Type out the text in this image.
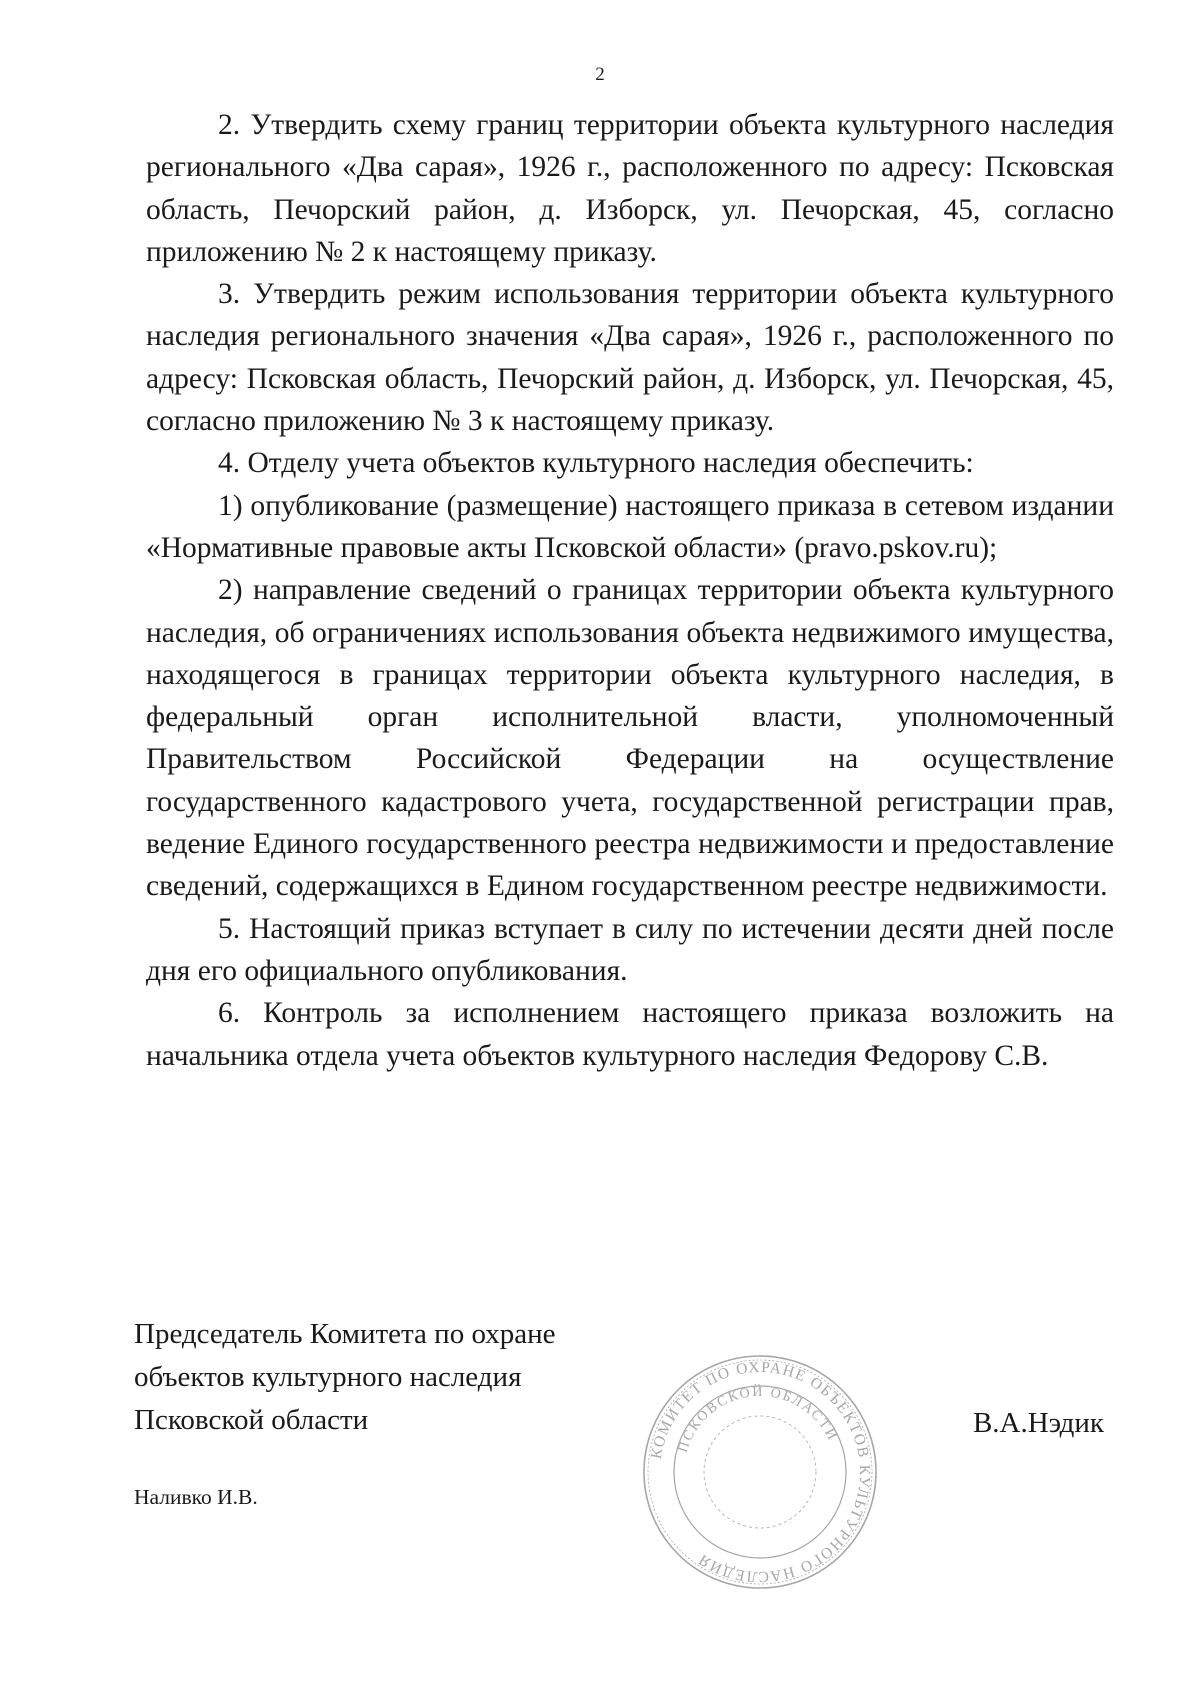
2

2. Утвердить схему границ территории объекта культурного наследия регионального «Два сарая», 1926 г., расположенного по адресу: Псковская область, Печорский район, д. Изборск, ул. Печорская, 45, согласно приложению № 2 к настоящему приказу.

3. Утвердить режим использования территории объекта культурного наследия регионального значения «Два сарая», 1926 г., расположенного по адресу: Псковская область, Печорский район, д. Изборск, ул. Печорская, 45, согласно приложению № 3 к настоящему приказу.

4. Отделу учета объектов культурного наследия обеспечить:

1) опубликование (размещение) настоящего приказа в сетевом издании «Нормативные правовые акты Псковской области» (pravo.pskov.ru);

2) направление сведений о границах территории объекта культурного наследия, об ограничениях использования объекта недвижимого имущества, находящегося в границах территории объекта культурного наследия, в федеральный орган исполнительной власти, уполномоченный Правительством Российской Федерации на осуществление государственного кадастрового учета, государственной регистрации прав, ведение Единого государственного реестра недвижимости и предоставление сведений, содержащихся в Едином государственном реестре недвижимости.

5. Настоящий приказ вступает в силу по истечении десяти дней после дня его официального опубликования.

6. Контроль за исполнением настоящего приказа возложить на начальника отдела учета объектов культурного наследия Федорову С.В.

Председатель Комитета по охране
объектов культурного наследия
Псковской области	В.А.Нэдик
Наливко И.В.
КОМИТЕТ ПО ОХРАНЕ ОБЪЕКТОВ КУЛЬТУРНОГО НАСЛЕДИЯ
ПСКОВСКОЙ ОБЛАСТИ
